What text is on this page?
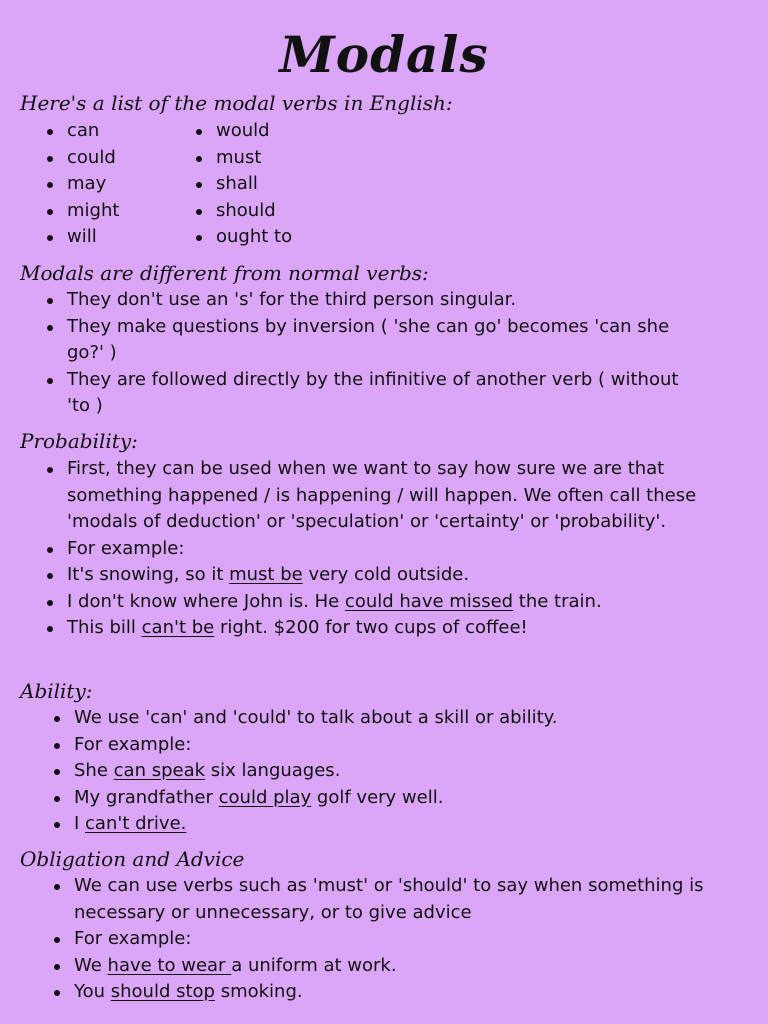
Modals
Here's a list of the modal verbs in English:
can
could
may
might
will
would
must
shall
should
ought to
Modals are different from normal verbs:
They don't use an 's' for the third person singular.
They make questions by inversion ( 'she can go' becomes 'can she go?' )
They are followed directly by the infinitive of another verb ( without 'to )
Probability:
First, they can be used when we want to say how sure we are that something happened / is happening / will happen. We often call these 'modals of deduction' or 'speculation' or 'certainty' or 'probability'.
For example:
It's snowing, so it must be very cold outside.
I don't know where John is. He could have missed the train.
This bill can't be right. $200 for two cups of coffee!
Ability:
We use 'can' and 'could' to talk about a skill or ability.
For example:
She can speak six languages.
My grandfather could play golf very well.
I can't drive.
Obligation and Advice
We can use verbs such as 'must' or 'should' to say when something is necessary or unnecessary, or to give advice
For example:
We have to wear a uniform at work.
You should stop smoking.
